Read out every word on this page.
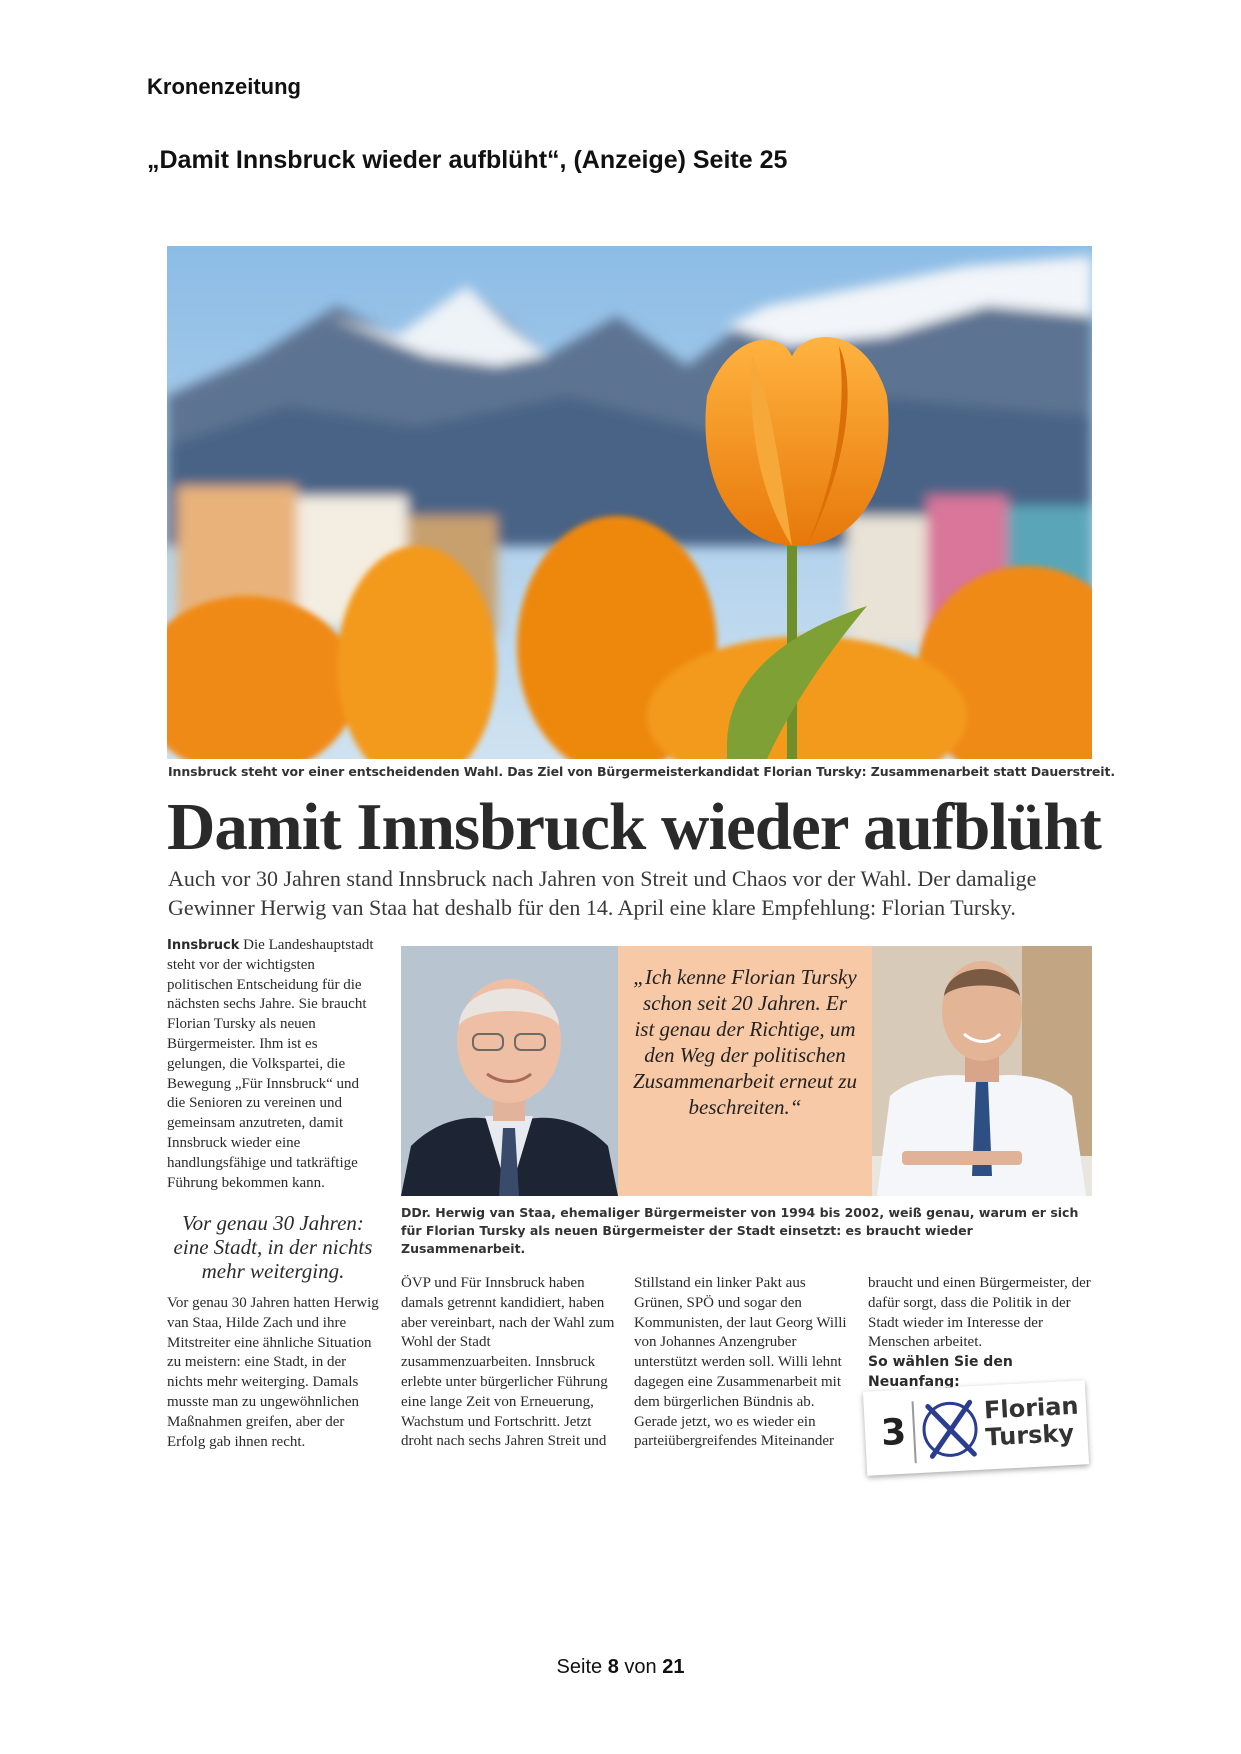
Kronenzeitung
„Damit Innsbruck wieder aufblüht“, (Anzeige) Seite 25
Innsbruck steht vor einer entscheidenden Wahl. Das Ziel von Bürgermeisterkandidat Florian Tursky: Zusammenarbeit statt Dauerstreit.
Damit Innsbruck wieder aufblüht
Auch vor 30 Jahren stand Innsbruck nach Jahren von Streit und Chaos vor der Wahl. Der damalige
Gewinner Herwig van Staa hat deshalb für den 14. April eine klare Empfehlung: Florian Tursky.
Innsbruck Die Landeshauptstadt steht vor der wichtigsten politischen Entscheidung für die nächsten sechs Jahre. Sie braucht Florian Tursky als neuen Bürgermeister. Ihm ist es gelungen, die Volkspartei, die Bewegung „Für Innsbruck“ und die Senioren zu vereinen und gemeinsam anzutreten, damit Innsbruck wieder eine handlungsfähige und tatkräftige Führung bekommen kann.
Vor genau 30 Jahren: eine Stadt, in der nichts mehr weiterging.
Vor genau 30 Jahren hatten Herwig van Staa, Hilde Zach und ihre Mitstreiter eine ähnliche Situation zu meistern: eine Stadt, in der nichts mehr weiterging. Damals musste man zu ungewöhnlichen Maßnahmen greifen, aber der Erfolg gab ihnen recht.
„Ich kenne Florian Tursky schon seit 20 Jahren. Er ist genau der Richtige, um den Weg der politischen Zusammenarbeit erneut zu beschreiten.“
DDr. Herwig van Staa, ehemaliger Bürgermeister von 1994 bis 2002, weiß genau, warum er sich für Florian Tursky als neuen Bürgermeister der Stadt einsetzt: es braucht wieder Zusammenarbeit.
ÖVP und Für Innsbruck haben damals getrennt kandidiert, haben aber vereinbart, nach der Wahl zum Wohl der Stadt zusammenzuarbeiten. Innsbruck erlebte unter bürgerlicher Führung eine lange Zeit von Erneuerung, Wachstum und Fortschritt. Jetzt droht nach sechs Jahren Streit und
Stillstand ein linker Pakt aus Grünen, SPÖ und sogar den Kommunisten, der laut Georg Willi von Johannes Anzengruber unterstützt werden soll. Willi lehnt dagegen eine Zusammenarbeit mit dem bürgerlichen Bündnis ab. Gerade jetzt, wo es wieder ein parteiübergreifendes Miteinander
braucht und einen Bürgermeister, der dafür sorgt, dass die Politik in der Stadt wieder im Interesse der Menschen arbeitet.
So wählen Sie den Neuanfang:
3
Florian
Tursky
Seite 8 von 21
